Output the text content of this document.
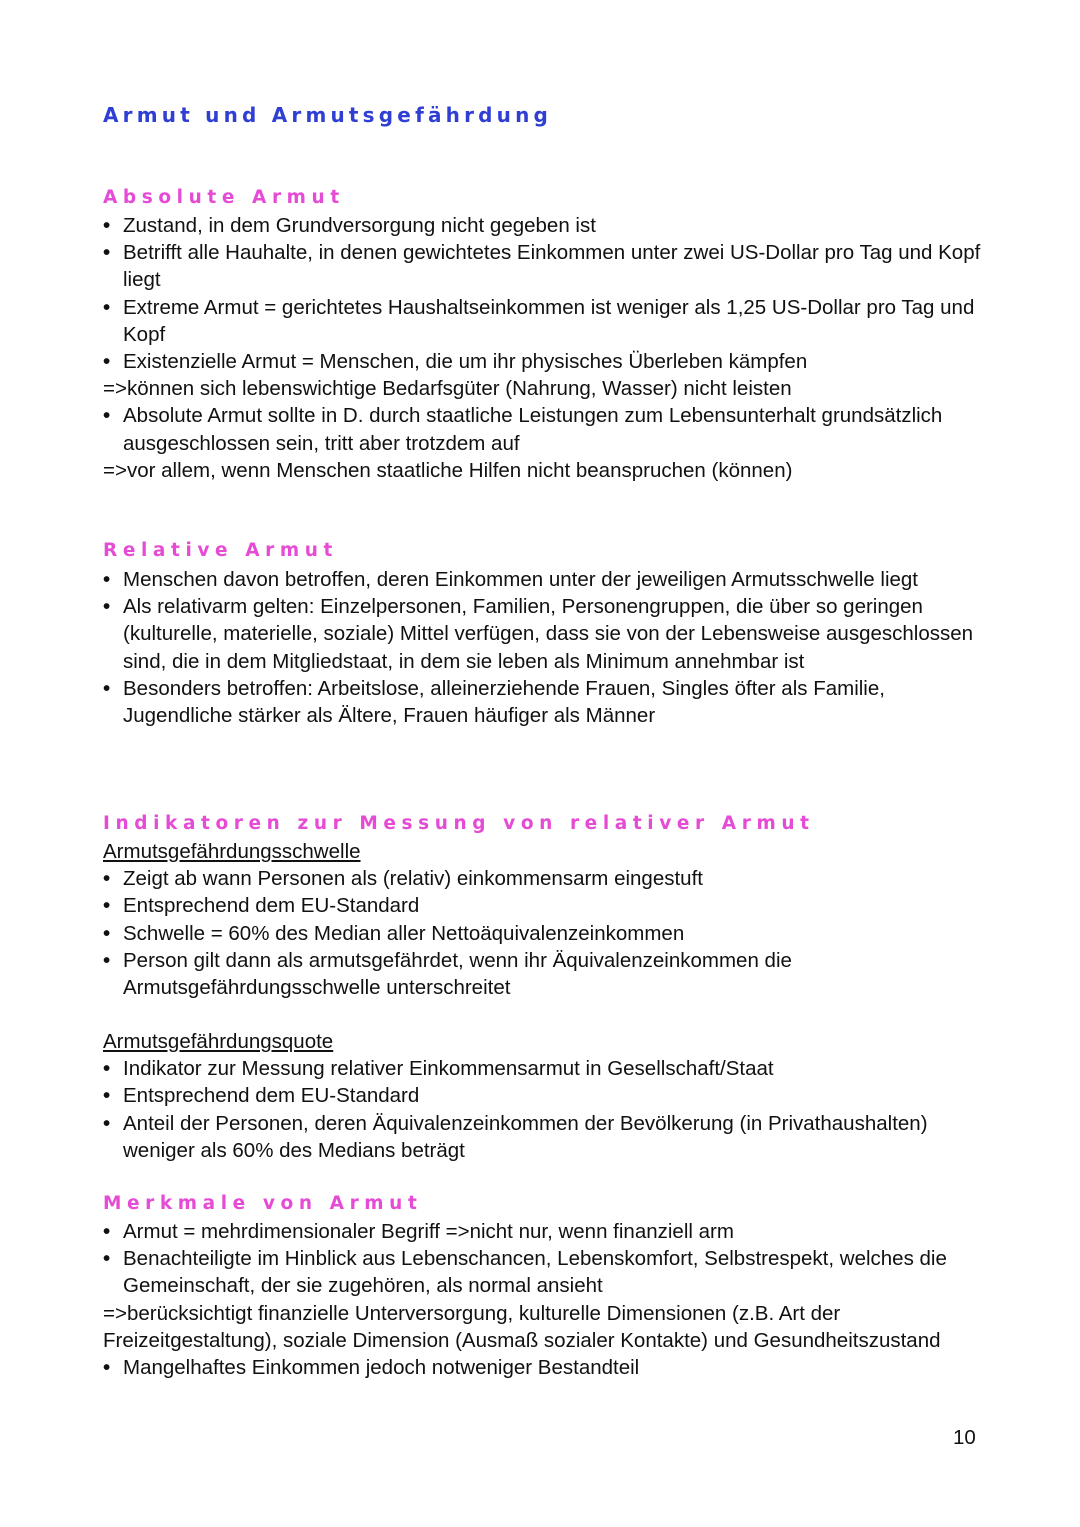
Armut und Armutsgefährdung
Absolute Armut
• Zustand, in dem Grundversorgung nicht gegeben ist
• Betrifft alle Hauhalte, in denen gewichtetes Einkommen unter zwei US-Dollar pro Tag und Kopf liegt
• Extreme Armut = gerichtetes Haushaltseinkommen ist weniger als 1,25 US-Dollar pro Tag und Kopf
• Existenzielle Armut = Menschen, die um ihr physisches Überleben kämpfen
=>können sich lebenswichtige Bedarfsgüter (Nahrung, Wasser) nicht leisten
• Absolute Armut sollte in D. durch staatliche Leistungen zum Lebensunterhalt grundsätzlich ausgeschlossen sein, tritt aber trotzdem auf
=>vor allem, wenn Menschen staatliche Hilfen nicht beanspruchen (können)
Relative Armut
• Menschen davon betroffen, deren Einkommen unter der jeweiligen Armutsschwelle liegt
• Als relativarm gelten: Einzelpersonen, Familien, Personengruppen, die über so geringen (kulturelle, materielle, soziale) Mittel verfügen, dass sie von der Lebensweise ausgeschlossen sind, die in dem Mitgliedstaat, in dem sie leben als Minimum annehmbar ist
• Besonders betroffen: Arbeitslose, alleinerziehende Frauen, Singles öfter als Familie, Jugendliche stärker als Ältere, Frauen häufiger als Männer
Indikatoren zur Messung von relativer Armut
Armutsgefährdungsschwelle
• Zeigt ab wann Personen als (relativ) einkommensarm eingestuft
• Entsprechend dem EU-Standard
• Schwelle = 60% des Median aller Nettoäquivalenzeinkommen
• Person gilt dann als armutsgefährdet, wenn ihr Äquivalenzeinkommen die Armutsgefährdungsschwelle unterschreitet
Armutsgefährdungsquote
• Indikator zur Messung relativer Einkommensarmut in Gesellschaft/Staat
• Entsprechend dem EU-Standard
• Anteil der Personen, deren Äquivalenzeinkommen der Bevölkerung (in Privathaushalten) weniger als 60% des Medians beträgt
Merkmale von Armut
• Armut = mehrdimensionaler Begriff =>nicht nur, wenn finanziell arm
• Benachteiligte im Hinblick aus Lebenschancen, Lebenskomfort, Selbstrespekt, welches die Gemeinschaft, der sie zugehören, als normal ansieht
=>berücksichtigt finanzielle Unterversorgung, kulturelle Dimensionen (z.B. Art der Freizeitgestaltung), soziale Dimension (Ausmaß sozialer Kontakte) und Gesundheitszustand
• Mangelhaftes Einkommen jedoch notweniger Bestandteil
10
